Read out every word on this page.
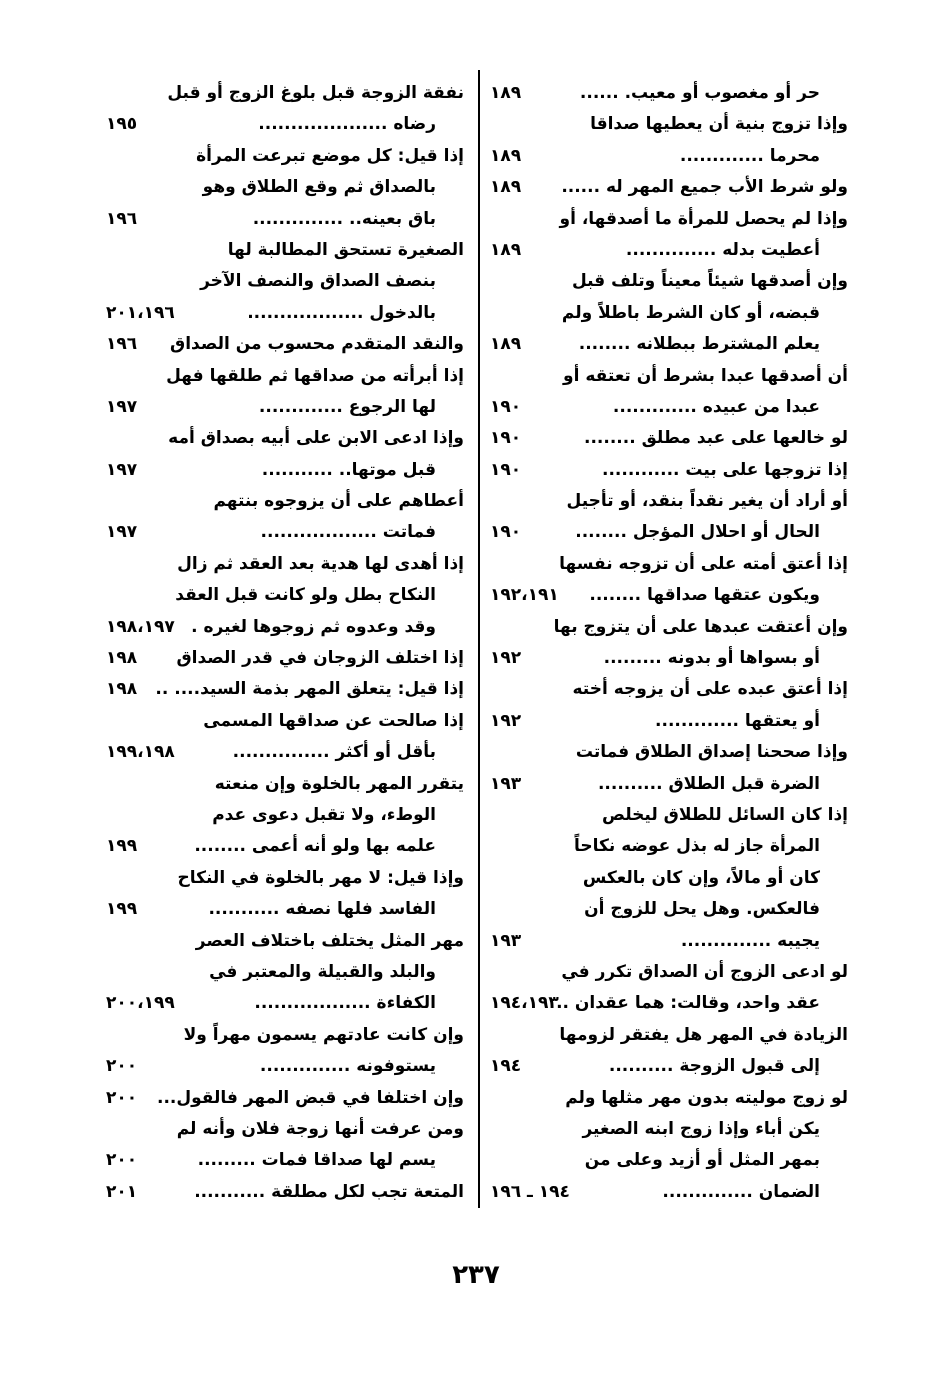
حر أو مغصوب أو معيب. ......
١٨٩
وإذا تزوج بنية أن يعطيها صداقا
محرما .............
١٨٩
ولو شرط الأب جميع المهر له ......
١٨٩
وإذا لم يحصل للمرأة ما أصدقها، أو
أعطيت بدله ..............
١٨٩
وإن أصدقها شيئاً معيناً وتلف قبل
قبضه، أو كان الشرط باطلاً ولم
يعلم المشترط ببطلانه ........
١٨٩
أن أصدقها عبدا بشرط أن تعتقه أو
عبدا من عبيده .............
١٩٠
لو خالعها على عبد مطلق ........
١٩٠
إذا تزوجها على بيت ............
١٩٠
أو أراد أن يغير نقداً بنقد، أو تأجيل
الحال أو احلال المؤجل ........
١٩٠
إذا أعتق أمته على أن تزوجه نفسها
ويكون عتقها صداقها ........
١٩٢،١٩١
وإن أعتقت عبدها على أن يتزوج بها
أو بسواها أو بدونه .........
١٩٢
إذا أعتق عبده على أن يزوجه أخته
أو يعتقها .............
١٩٢
وإذا صححنا إصداق الطلاق فماتت
الضرة قبل الطلاق ..........
١٩٣
إذا كان السائل للطلاق ليخلص
المرأة جاز له بذل عوضه نكاحاً
كان أو مالاً، وإن كان بالعكس
فالعكس. وهل يحل للزوج أن
يجيبه ..............
١٩٣
لو ادعى الزوج أن الصداق تكرر في
عقد واحد، وقالت: هما عقدان ..
١٩٤،١٩٣
الزيادة في المهر هل يفتقر لزومها
إلى قبول الزوجة ..........
١٩٤
لو زوج موليته بدون مهر مثلها ولم
يكن أباء وإذا زوج ابنه الصغير
بمهر المثل أو أزيد وعلى من
الضمان ..............
١٩٤ ـ ١٩٦
نفقة الزوجة قبل بلوغ الزوج أو قبل
رضاه ....................
١٩٥
إذا قيل: كل موضع تبرعت المرأة
بالصداق ثم وقع الطلاق وهو
باق بعينه.. ..............
١٩٦
الصغيرة تستحق المطالبة لها
بنصف الصداق والنصف الآخر
بالدخول ..................
٢٠١،١٩٦
والنقد المتقدم محسوب من الصداق
١٩٦
إذا أبرأته من صداقها ثم طلقها فهل
لها الرجوع .............
١٩٧
وإذا ادعى الابن على أبيه بصداق أمه
قبل موتها.. ...........
١٩٧
أعطاهم على أن يزوجوه بنتهم
فماتت ..................
١٩٧
إذا أهدى لها هدية بعد العقد ثم زال
النكاح بطل ولو كانت قبل العقد
وقد وعدوه ثم زوجوها لغيره .
١٩٨،١٩٧
إذا اختلف الزوجان في قدر الصداق
١٩٨
إذا قيل: يتعلق المهر بذمة السيد.... ..
١٩٨
إذا صالحت عن صداقها المسمى
بأقل أو أكثر ...............
١٩٩،١٩٨
يتقرر المهر بالخلوة وإن منعته
الوطء، ولا تقبل دعوى عدم
علمه بها ولو أنه أعمى ........
١٩٩
وإذا قيل: لا مهر بالخلوة في النكاح
الفاسد فلها نصفه ...........
١٩٩
مهر المثل يختلف باختلاف العصر
والبلد والقبيلة والمعتبر في
الكفاءة ..................
٢٠٠،١٩٩
وإن كانت عادتهم يسمون مهراً ولا
يستوفونه ..............
٢٠٠
وإن اختلفا في قبض المهر فالقول...
٢٠٠
ومن عرفت أنها زوجة فلان وأنه لم
يسم لها صداقا فمات .........
٢٠٠
المتعة تجب لكل مطلقة ...........
٢٠١
٢٣٧
